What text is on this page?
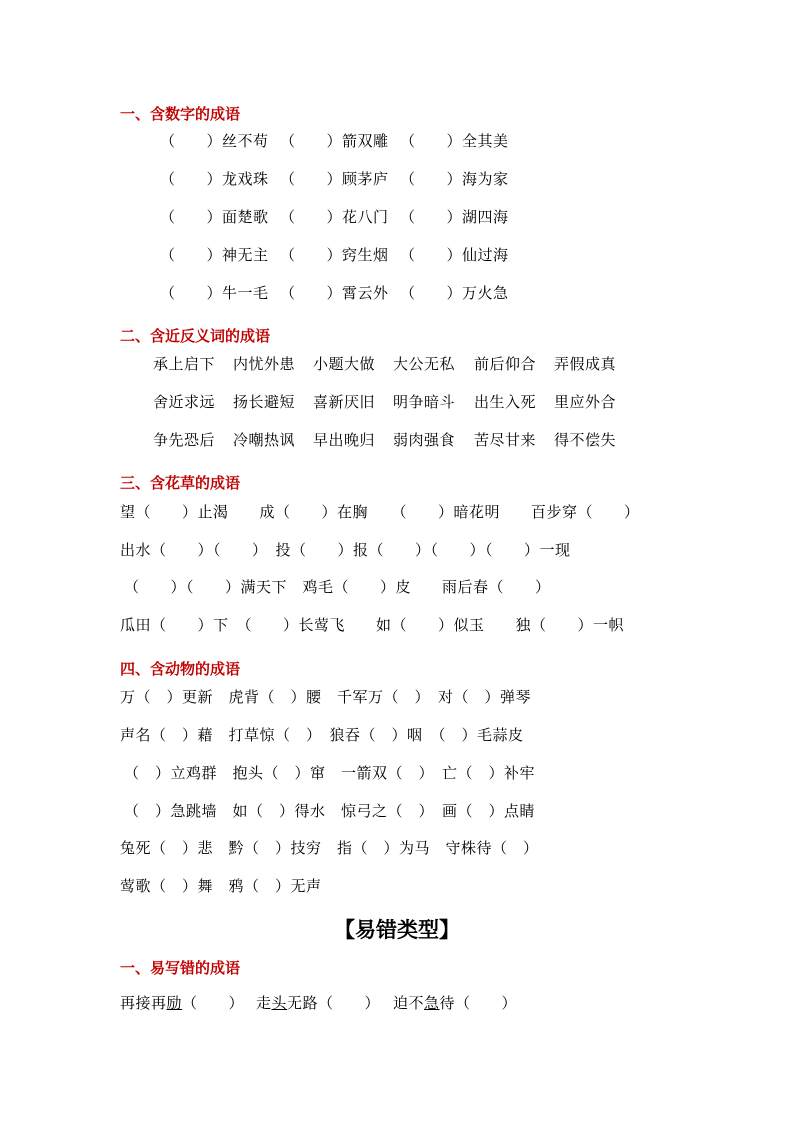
一、含数字的成语
（　　）丝不苟 （　　）箭双雕 （　　）全其美
（　　）龙戏珠 （　　）顾茅庐 （　　）海为家
（　　）面楚歌 （　　）花八门 （　　）湖四海
（　　）神无主 （　　）窍生烟 （　　）仙过海
（　　）牛一毛 （　　）霄云外 （　　）万火急
二、含近反义词的成语
承上启下 内忧外患 小题大做 大公无私 前后仰合 弄假成真
舍近求远 扬长避短 喜新厌旧 明争暗斗 出生入死 里应外合
争先恐后 冷嘲热讽 早出晚归 弱肉强食 苦尽甘来 得不偿失
三、含花草的成语
望（　　）止渴　　成（　　）在胸　　（　　）暗花明　　百步穿（　　）
出水（　　）（　　）　投（　　）报（　　）（　　）（　　）一现
（　　）（　　）满天下　鸡毛（　　）皮　　雨后春（　　）
瓜田（　　）下　（　　）长莺飞　　如（　　）似玉　　独（　　）一帜
四、含动物的成语
万（　）更新　虎背（　）腰　千军万（　）　对（　）弹琴
声名（　）藉　打草惊（　）　狼吞（　）咽　（　）毛蒜皮
（　）立鸡群　抱头（　）窜　一箭双（　）　亡（　）补牢
（　）急跳墙　如（　）得水　惊弓之（　）　画（　）点睛
兔死（　）悲　黔（　）技穷　指（　）为马　守株待（　）
莺歌（　）舞　鸦（　）无声
【易错类型】
一、易写错的成语
再接再励（　　） 走头无路（　　） 迫不急待（　　）
